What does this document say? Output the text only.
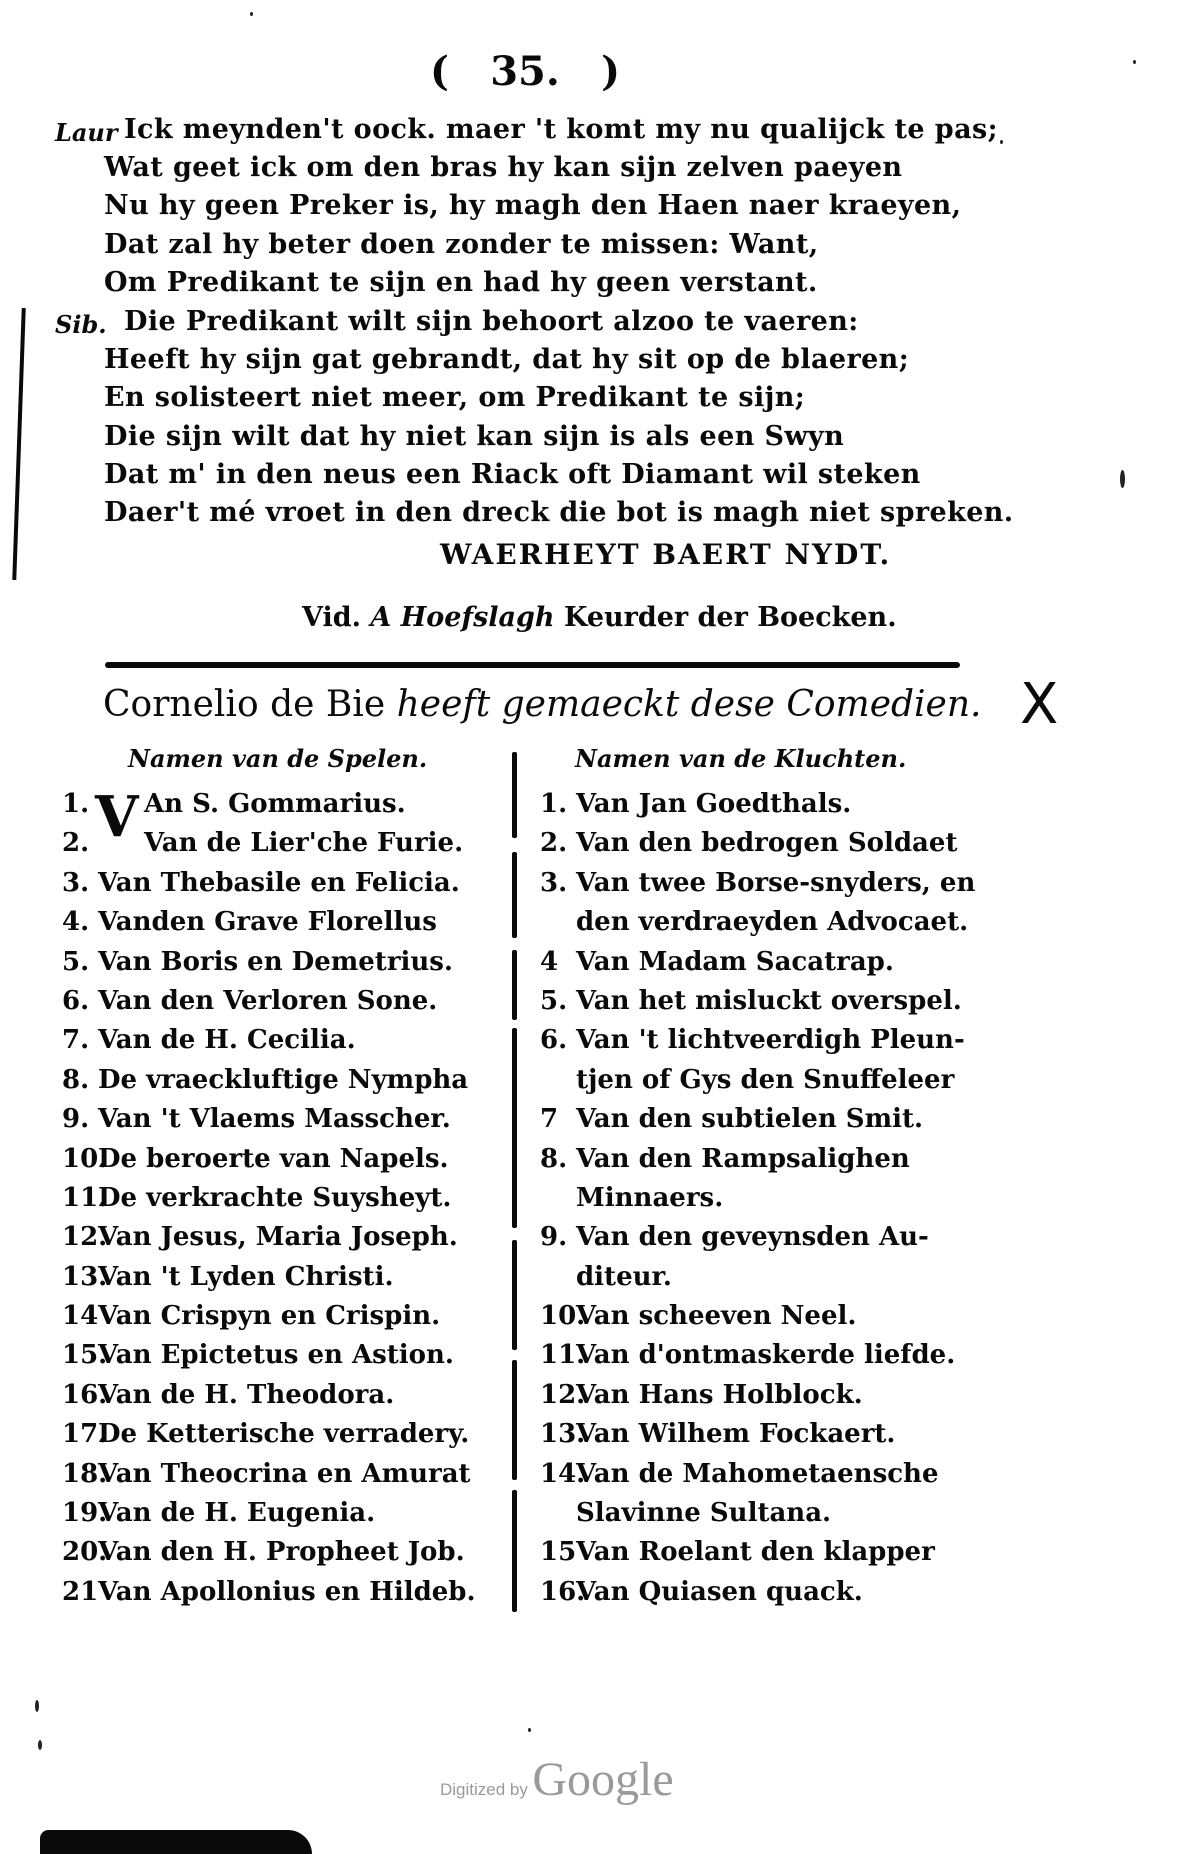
( 35. )
Laur Ick meynden't oock. maer 't komt my nu qualijck te pas;
Wat geet ick om den bras hy kan sijn zelven paeyen
Nu hy geen Preker is, hy magh den Haen naer kraeyen,
Dat zal hy beter doen zonder te missen: Want,
Om Predikant te sijn en had hy geen verstant.
Sib. Die Predikant wilt sijn behoort alzoo te vaeren:
Heeft hy sijn gat gebrandt, dat hy sit op de blaeren;
En solisteert niet meer, om Predikant te sijn;
Die sijn wilt dat hy niet kan sijn is als een Swyn
Dat m' in den neus een Riack oft Diamant wil steken
Daer't mé vroet in den dreck die bot is magh niet spreken.
WAERHEYT BAERT NYDT.
Vid. A Hoefslagh Keurder der Boecken.
Cornelio de Bie heeft gemaeckt dese Comedien. X
Namen van de Spelen.	Namen van de Kluchten.
V
1. An S. Gommarius.
2. Van de Lier'che Furie.
3. Van Thebasile en Felicia.
4. Vanden Grave Florellus
5. Van Boris en Demetrius.
6. Van den Verloren Sone.
7. Van de H. Cecilia.
8. De vraeckluftige Nympha
9. Van 't Vlaems Masscher.
10.De beroerte van Napels.
11.De verkrachte Suysheyt.
12.Van Jesus, Maria Joseph.
13.Van 't Lyden Christi.
14Van Crispyn en Crispin.
15.Van Epictetus en Astion.
16.Van de H. Theodora.
17.De Ketterische verradery.
18.Van Theocrina en Amurat
19.Van de H. Eugenia.
20.Van den H. Propheet Job.
21Van Apollonius en Hildeb.
1. Van Jan Goedthals.
2. Van den bedrogen Soldaet
3. Van twee Borse-snyders, en
den verdraeyden Advocaet.
4 Van Madam Sacatrap.
5. Van het misluckt overspel.
6. Van 't lichtveerdigh Pleun-
tjen of Gys den Snuffeleer
7 Van den subtielen Smit.
8. Van den Rampsalighen
Minnaers.
9. Van den geveynsden Au-
diteur.
10.Van scheeven Neel.
11.Van d'ontmaskerde liefde.
12.Van Hans Holblock.
13.Van Wilhem Fockaert.
14.Van de Mahometaensche
Slavinne Sultana.
15Van Roelant den klapper
16.Van Quiasen quack.
Digitized by Google
